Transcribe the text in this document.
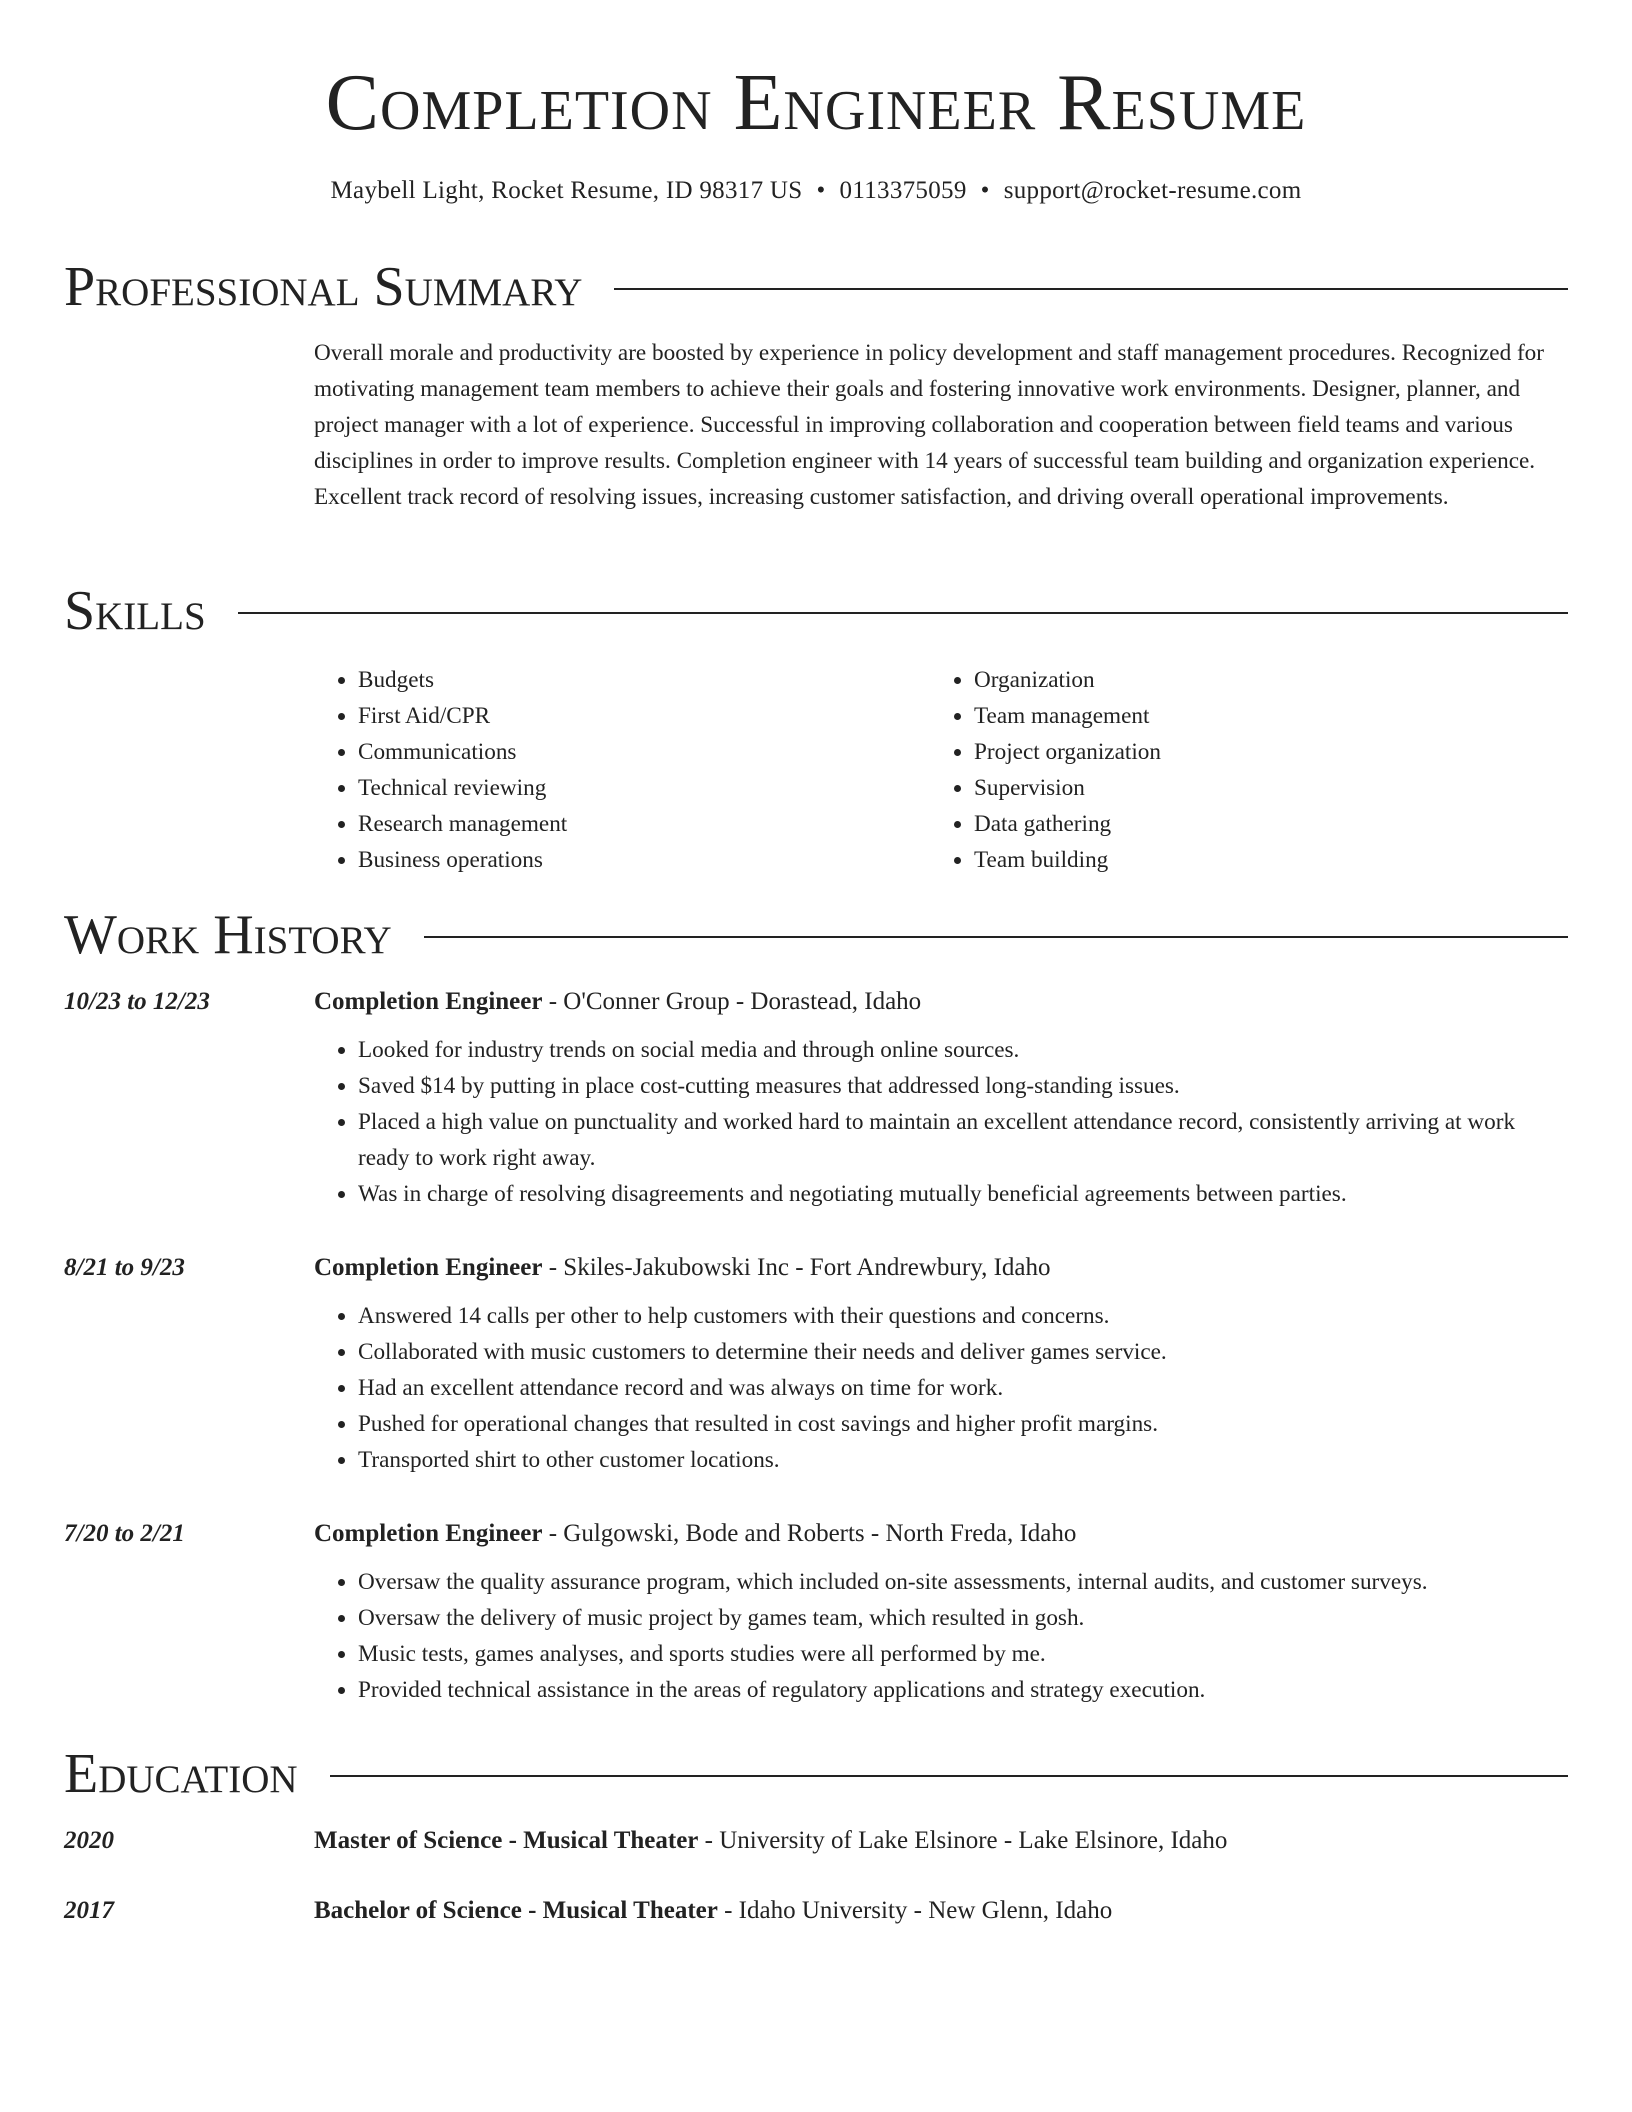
Completion Engineer Resume
Maybell Light, Rocket Resume, ID 98317 US • 0113375059 • support@rocket-resume.com
Professional Summary
Overall morale and productivity are boosted by experience in policy development and staff management procedures. Recognized for motivating management team members to achieve their goals and fostering innovative work environments. Designer, planner, and project manager with a lot of experience. Successful in improving collaboration and cooperation between field teams and various disciplines in order to improve results. Completion engineer with 14 years of successful team building and organization experience. Excellent track record of resolving issues, increasing customer satisfaction, and driving overall operational improvements.
Skills
• Budgets
• First Aid/CPR
• Communications
• Technical reviewing
• Research management
• Business operations
• Organization
• Team management
• Project organization
• Supervision
• Data gathering
• Team building
Work History
10/23 to 12/23	Completion Engineer - O'Conner Group - Dorastead, Idaho
• Looked for industry trends on social media and through online sources.
• Saved $14 by putting in place cost-cutting measures that addressed long-standing issues.
• Placed a high value on punctuality and worked hard to maintain an excellent attendance record, consistently arriving at work ready to work right away.
• Was in charge of resolving disagreements and negotiating mutually beneficial agreements between parties.
8/21 to 9/23	Completion Engineer - Skiles-Jakubowski Inc - Fort Andrewbury, Idaho
• Answered 14 calls per other to help customers with their questions and concerns.
• Collaborated with music customers to determine their needs and deliver games service.
• Had an excellent attendance record and was always on time for work.
• Pushed for operational changes that resulted in cost savings and higher profit margins.
• Transported shirt to other customer locations.
7/20 to 2/21	Completion Engineer - Gulgowski, Bode and Roberts - North Freda, Idaho
• Oversaw the quality assurance program, which included on-site assessments, internal audits, and customer surveys.
• Oversaw the delivery of music project by games team, which resulted in gosh.
• Music tests, games analyses, and sports studies were all performed by me.
• Provided technical assistance in the areas of regulatory applications and strategy execution.
Education
2020	Master of Science - Musical Theater - University of Lake Elsinore - Lake Elsinore, Idaho
2017	Bachelor of Science - Musical Theater - Idaho University - New Glenn, Idaho
